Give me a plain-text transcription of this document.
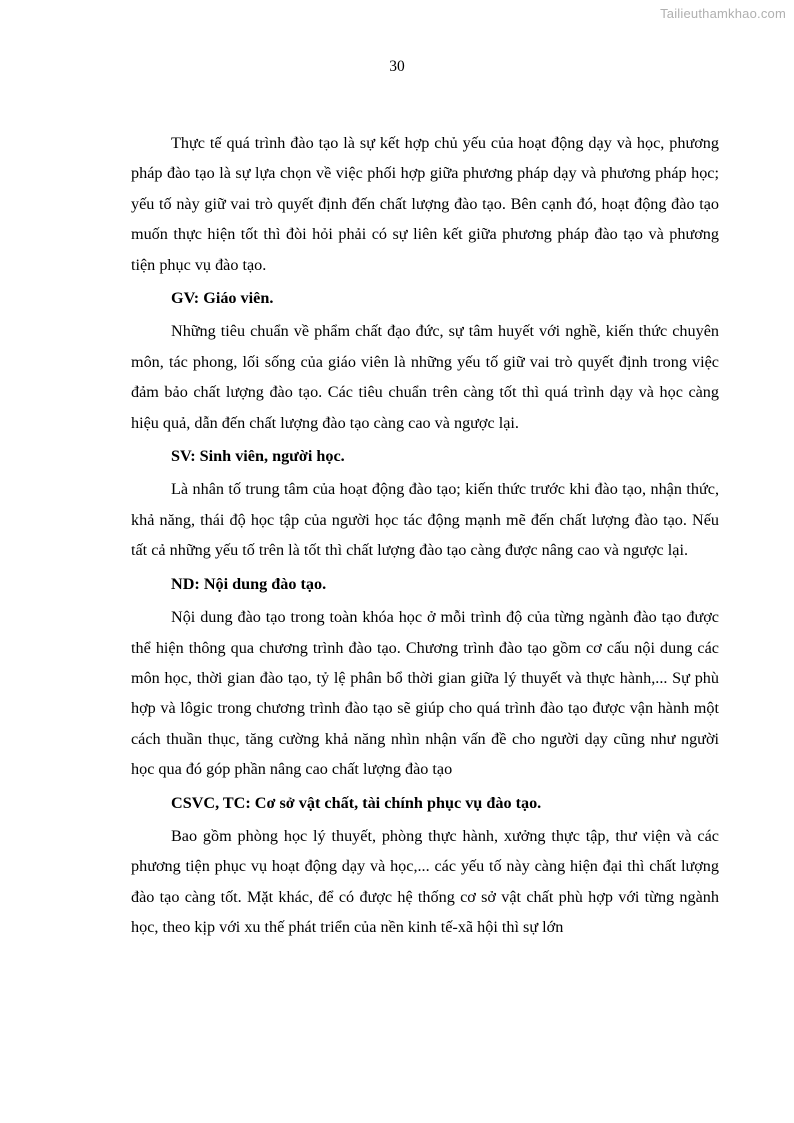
Tailieuthamkhao.com
30

Thực tế quá trình đào tạo là sự kết hợp chủ yếu của hoạt động dạy và học, phương pháp đào tạo là sự lựa chọn về việc phối hợp giữa phương pháp dạy và phương pháp học; yếu tố này giữ vai trò quyết định đến chất lượng đào tạo. Bên cạnh đó, hoạt động đào tạo muốn thực hiện tốt thì đòi hỏi phải có sự liên kết giữa phương pháp đào tạo và phương tiện phục vụ đào tạo.

GV: Giáo viên.

Những tiêu chuẩn về phẩm chất đạo đức, sự tâm huyết với nghề, kiến thức chuyên môn, tác phong, lối sống của giáo viên là những yếu tố giữ vai trò quyết định trong việc đảm bảo chất lượng đào tạo. Các tiêu chuẩn trên càng tốt thì quá trình dạy và học càng hiệu quả, dẫn đến chất lượng đào tạo càng cao và ngược lại.

SV: Sinh viên, người học.

Là nhân tố trung tâm của hoạt động đào tạo; kiến thức trước khi đào tạo, nhận thức, khả năng, thái độ học tập của người học tác động mạnh mẽ đến chất lượng đào tạo. Nếu tất cả những yếu tố trên là tốt thì chất lượng đào tạo càng được nâng cao và ngược lại.

ND: Nội dung đào tạo.

Nội dung đào tạo trong toàn khóa học ở mỗi trình độ của từng ngành đào tạo được thể hiện thông qua chương trình đào tạo. Chương trình đào tạo gồm cơ cấu nội dung các môn học, thời gian đào tạo, tỷ lệ phân bổ thời gian giữa lý thuyết và thực hành,... Sự phù hợp và lôgic trong chương trình đào tạo sẽ giúp cho quá trình đào tạo được vận hành một cách thuần thục, tăng cường khả năng nhìn nhận vấn đề cho người dạy cũng như người học qua đó góp phần nâng cao chất lượng đào tạo

CSVC, TC: Cơ sở vật chất, tài chính phục vụ đào tạo.

Bao gồm phòng học lý thuyết, phòng thực hành, xưởng thực tập, thư viện và các phương tiện phục vụ hoạt động dạy và học,... các yếu tố này càng hiện đại thì chất lượng đào tạo càng tốt. Mặt khác, để có được hệ thống cơ sở vật chất phù hợp với từng ngành học, theo kịp với xu thế phát triển của nền kinh tế-xã hội thì sự lớn
